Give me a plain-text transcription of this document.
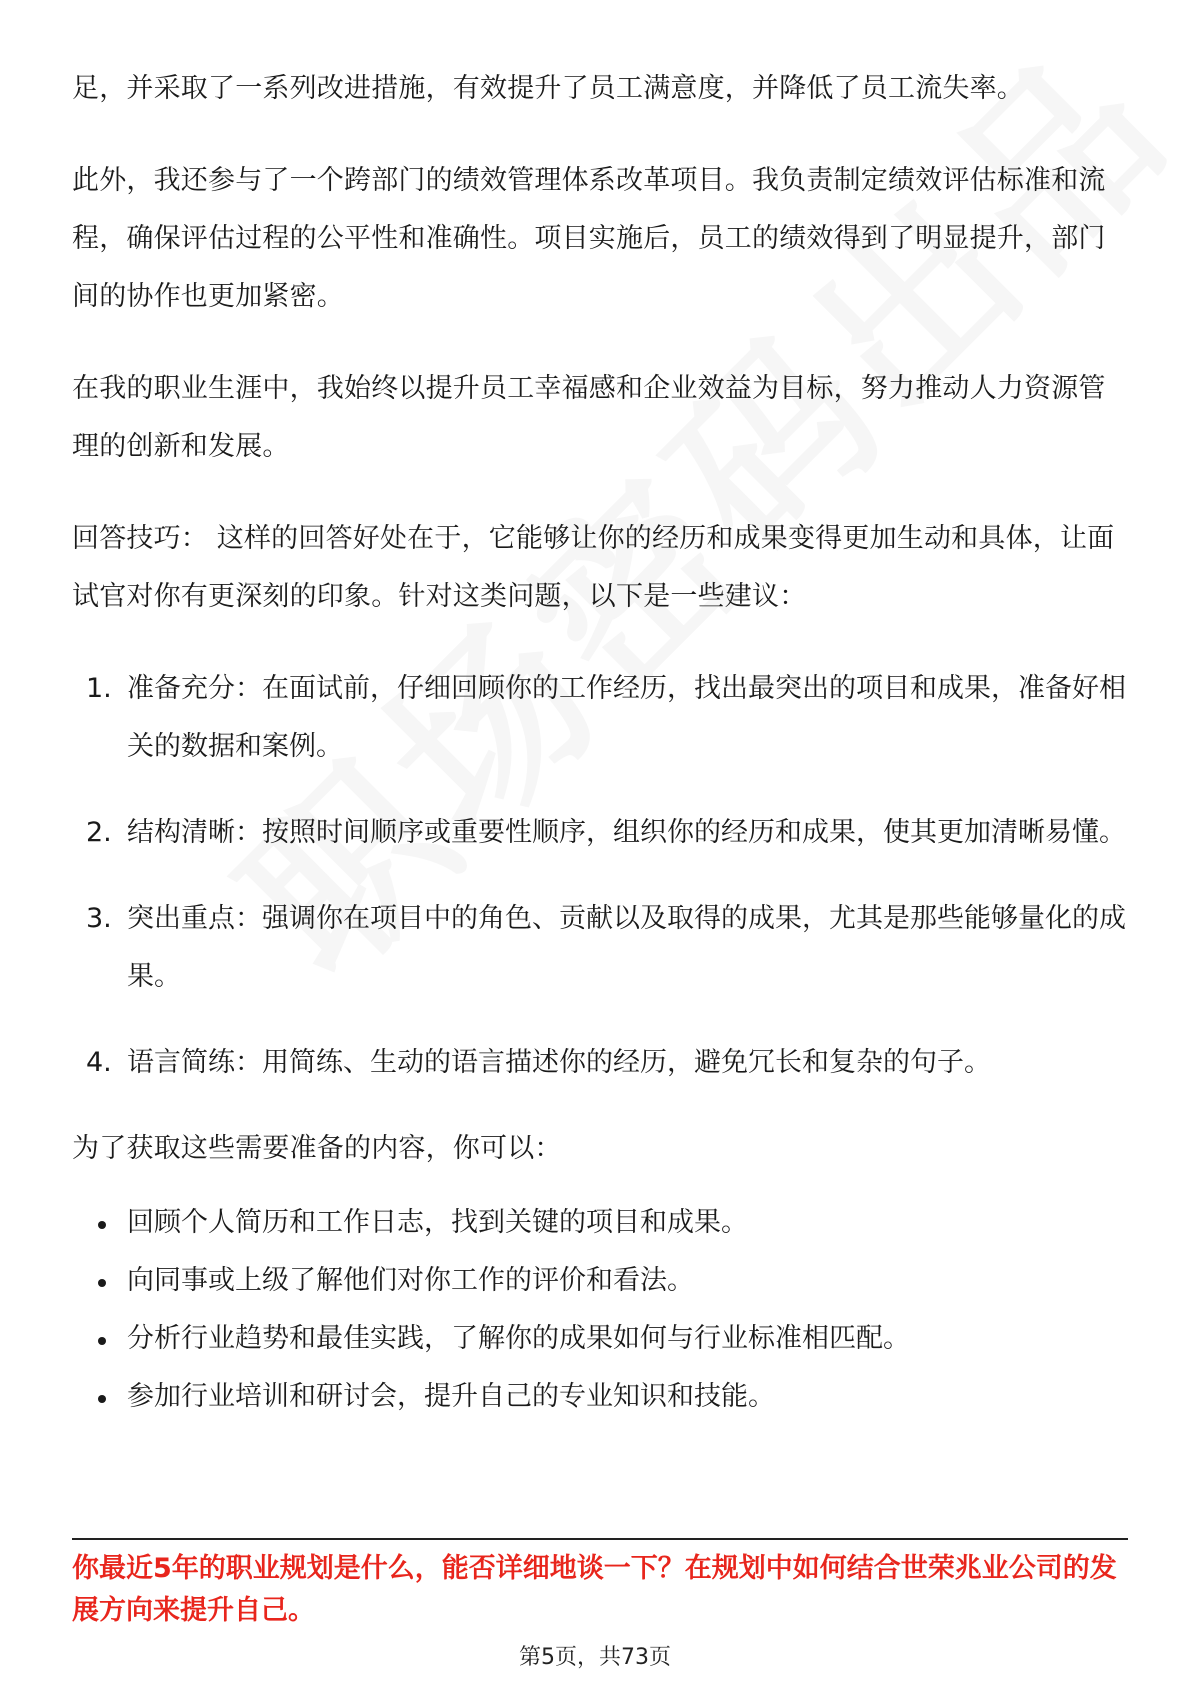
足，并采取了一系列改进措施，有效提升了员工满意度，并降低了员工流失率。

此外，我还参与了一个跨部门的绩效管理体系改革项目。我负责制定绩效评估标准和流程，确保评估过程的公平性和准确性。项目实施后，员工的绩效得到了明显提升，部门间的协作也更加紧密。

在我的职业生涯中，我始终以提升员工幸福感和企业效益为目标，努力推动人力资源管理的创新和发展。

回答技巧： 这样的回答好处在于，它能够让你的经历和成果变得更加生动和具体，让面试官对你有更深刻的印象。针对这类问题，以下是一些建议：

1. 准备充分：在面试前，仔细回顾你的工作经历，找出最突出的项目和成果，准备好相关的数据和案例。
2. 结构清晰：按照时间顺序或重要性顺序，组织你的经历和成果，使其更加清晰易懂。
3. 突出重点：强调你在项目中的角色、贡献以及取得的成果，尤其是那些能够量化的成果。
4. 语言简练：用简练、生动的语言描述你的经历，避免冗长和复杂的句子。

为了获取这些需要准备的内容，你可以：

回顾个人简历和工作日志，找到关键的项目和成果。
向同事或上级了解他们对你工作的评价和看法。
分析行业趋势和最佳实践，了解你的成果如何与行业标准相匹配。
参加行业培训和研讨会，提升自己的专业知识和技能。
你最近5年的职业规划是什么，能否详细地谈一下？在规划中如何结合世荣兆业公司的发展方向来提升自己。
第5页，共73页
